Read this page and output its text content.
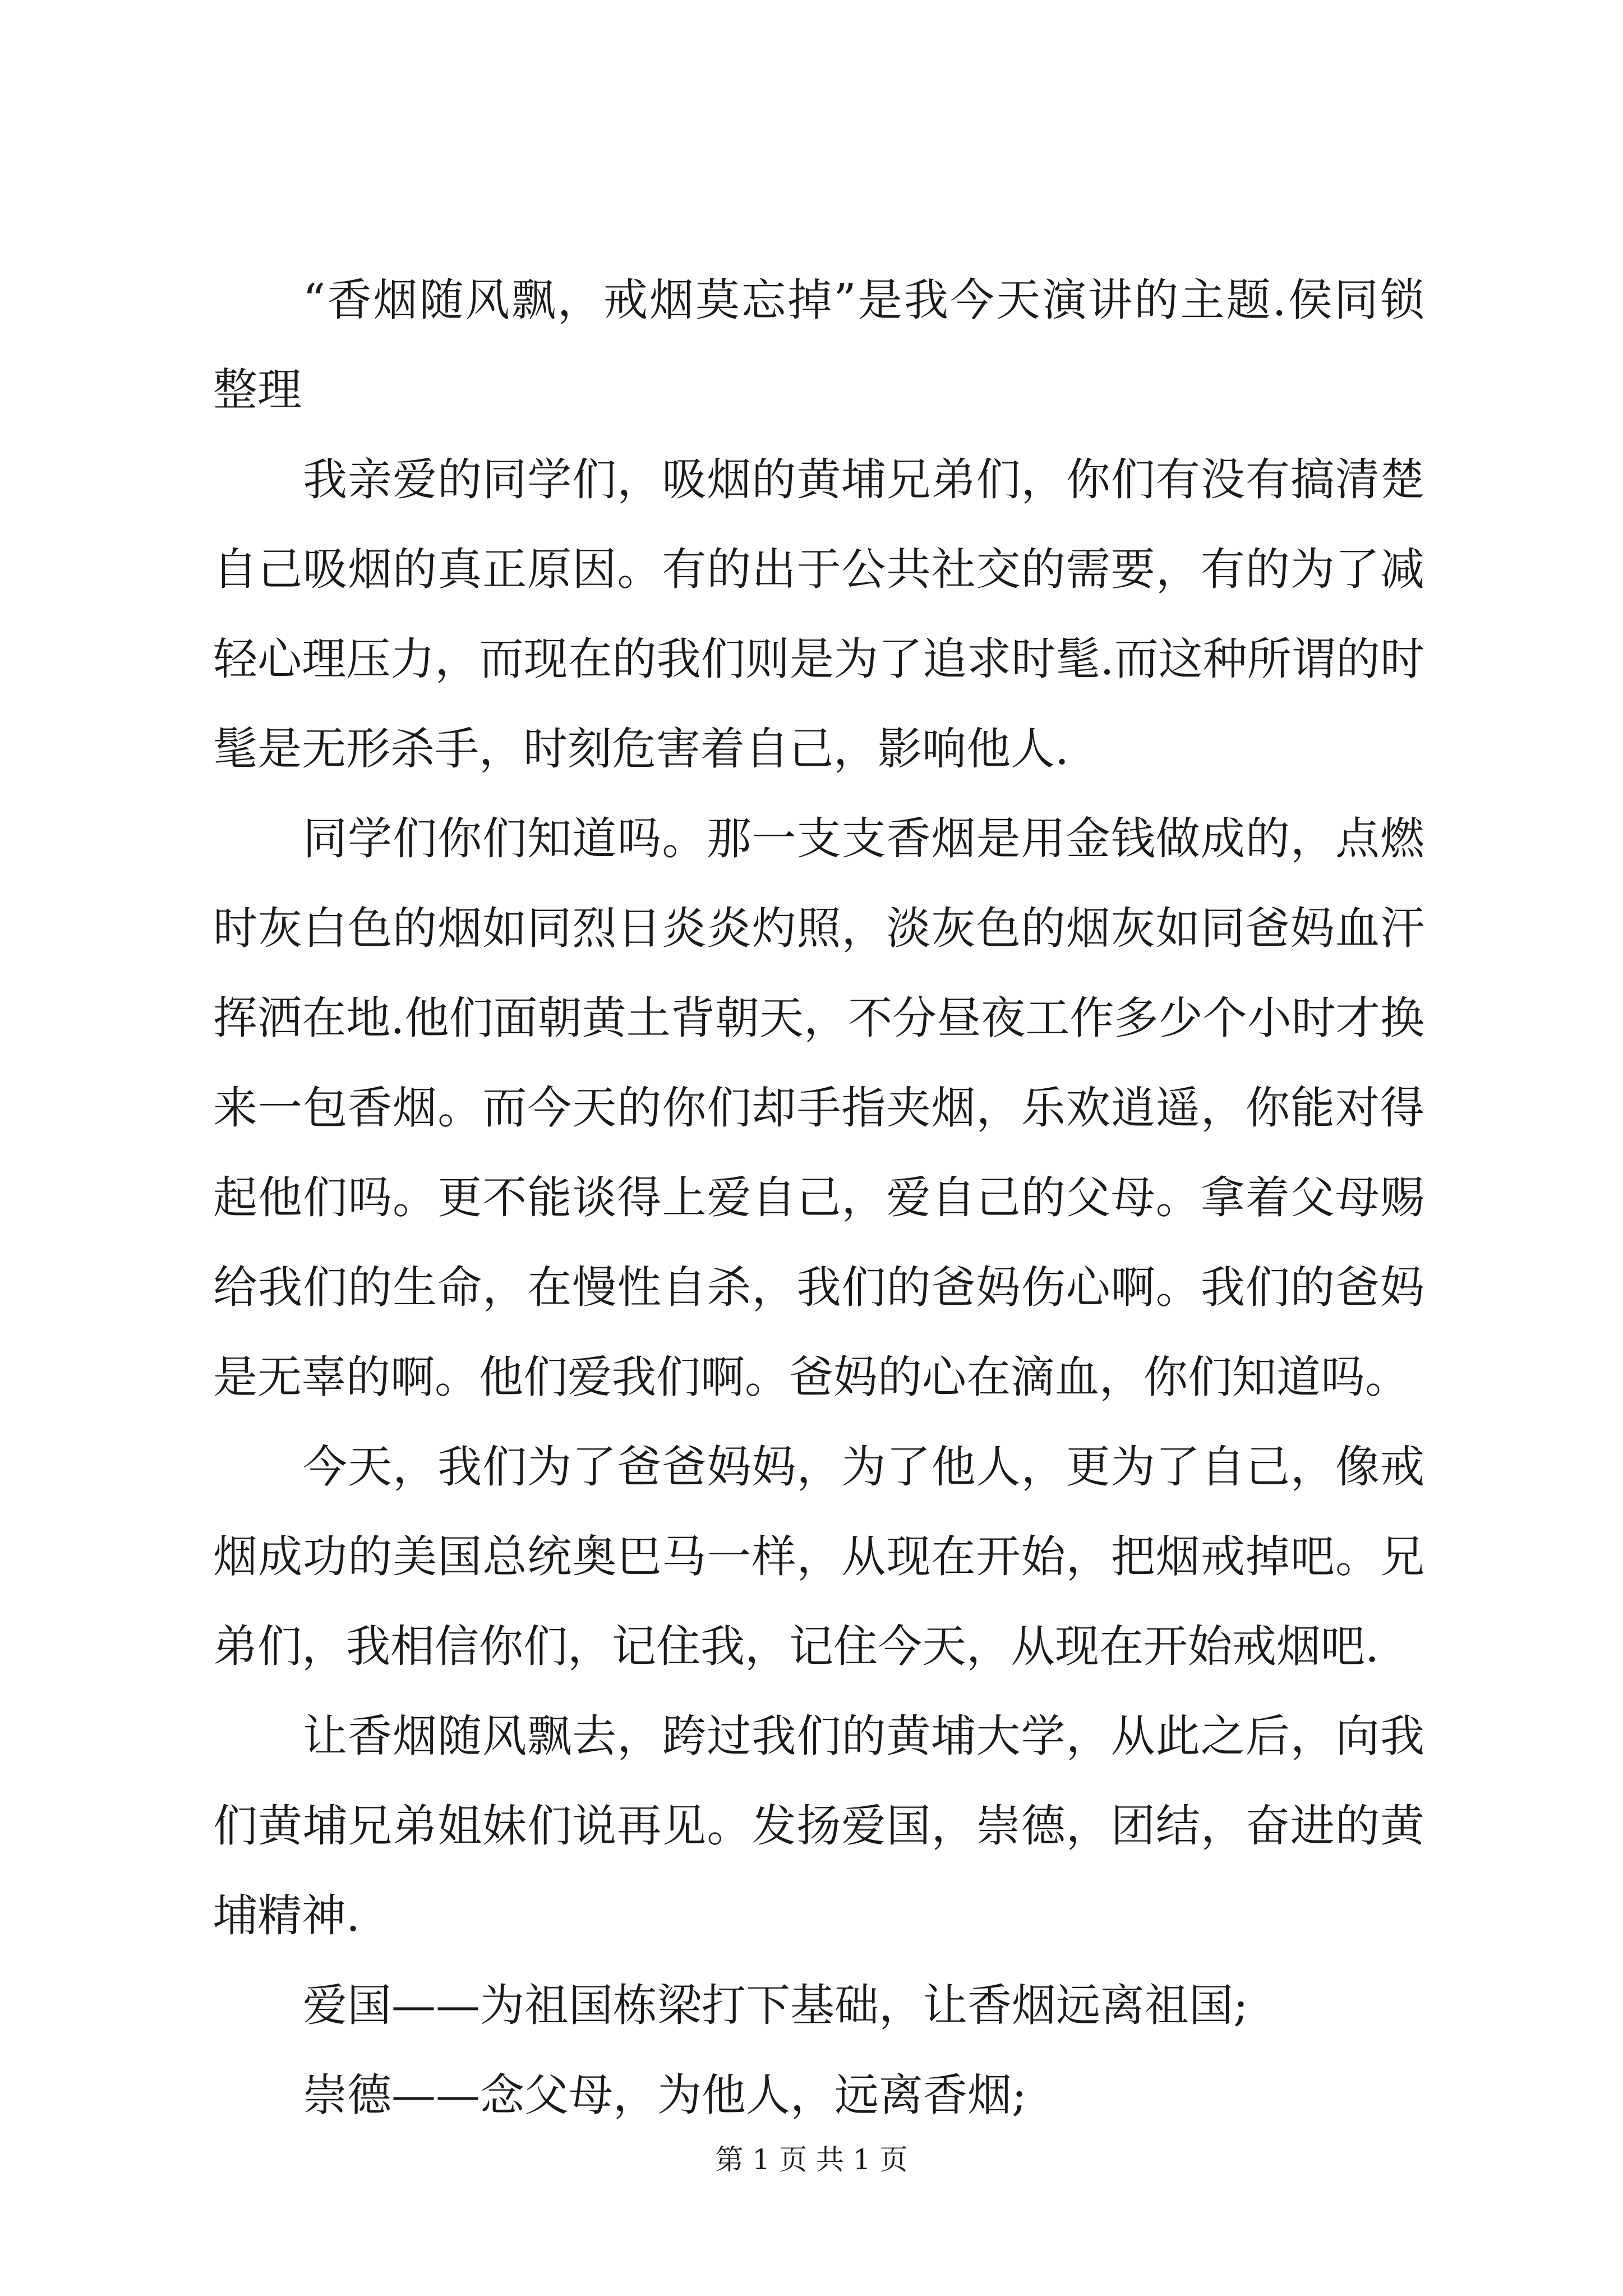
“香烟随风飘，戒烟莫忘掉”是我今天演讲的主题.侯同锁整理

我亲爱的同学们，吸烟的黄埔兄弟们，你们有没有搞清楚自己吸烟的真正原因。有的出于公共社交的需要，有的为了减轻心理压力，而现在的我们则是为了追求时髦.而这种所谓的时髦是无形杀手，时刻危害着自己，影响他人.

同学们你们知道吗。那一支支香烟是用金钱做成的，点燃时灰白色的烟如同烈日炎炎灼照，淡灰色的烟灰如同爸妈血汗挥洒在地.他们面朝黄土背朝天，不分昼夜工作多少个小时才换来一包香烟。而今天的你们却手指夹烟，乐欢逍遥，你能对得起他们吗。更不能谈得上爱自己，爱自己的父母。拿着父母赐给我们的生命，在慢性自杀，我们的爸妈伤心啊。我们的爸妈是无辜的啊。他们爱我们啊。爸妈的心在滴血，你们知道吗。

今天，我们为了爸爸妈妈，为了他人，更为了自己，像戒烟成功的美国总统奥巴马一样，从现在开始，把烟戒掉吧。兄弟们，我相信你们，记住我，记住今天，从现在开始戒烟吧.

让香烟随风飘去，跨过我们的黄埔大学，从此之后，向我们黄埔兄弟姐妹们说再见。发扬爱国，崇德，团结，奋进的黄埔精神.

爱国——为祖国栋梁打下基础，让香烟远离祖国;

崇德——念父母，为他人，远离香烟;

第 1 页 共 1 页
